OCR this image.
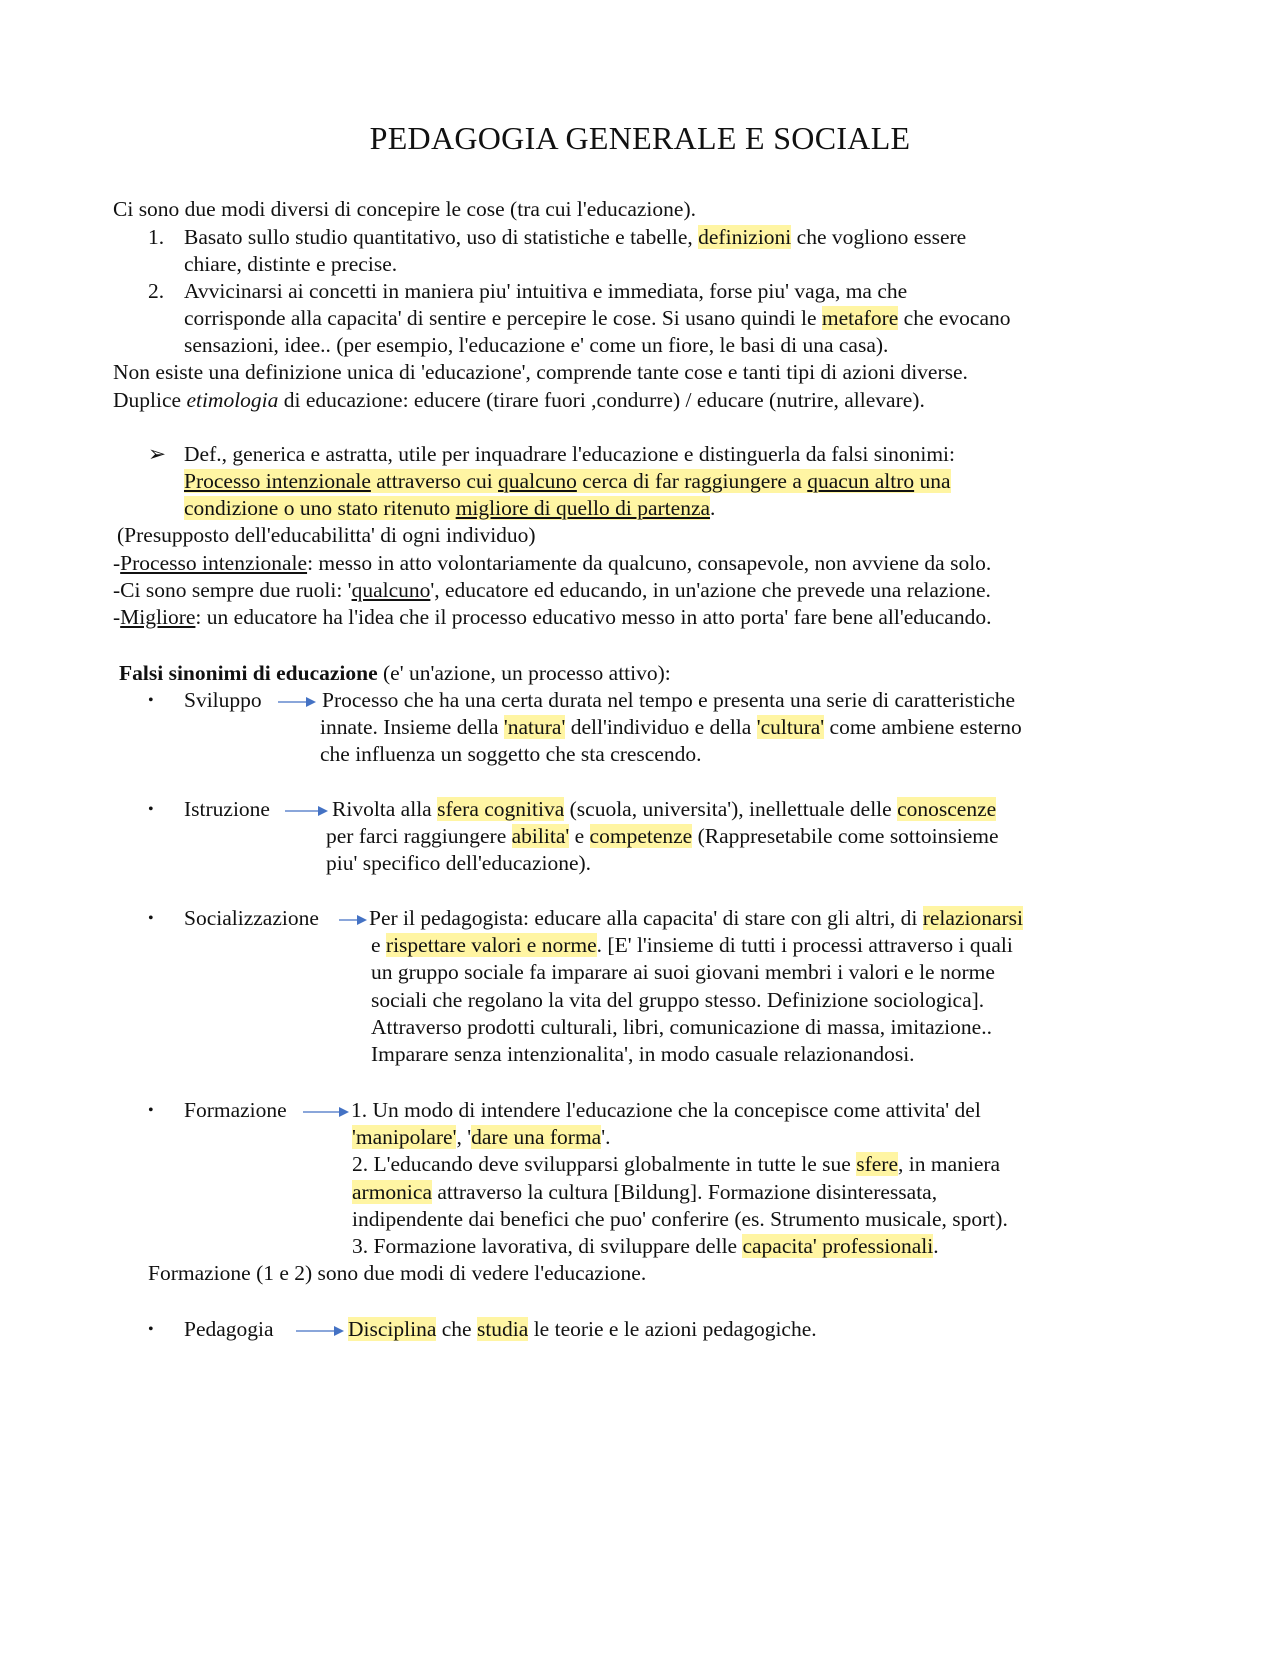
PEDAGOGIA GENERALE E SOCIALE
Ci sono due modi diversi di concepire le cose (tra cui l'educazione).
1. Basato sullo studio quantitativo, uso di statistiche e tabelle, definizioni che vogliono essere
chiare, distinte e precise.
2. Avvicinarsi ai concetti in maniera piu' intuitiva e immediata, forse piu' vaga, ma che
corrisponde alla capacita' di sentire e percepire le cose. Si usano quindi le metafore che evocano
sensazioni, idee.. (per esempio, l'educazione e' come un fiore, le basi di una casa).
Non esiste una definizione unica di 'educazione', comprende tante cose e tanti tipi di azioni diverse.
Duplice etimologia di educazione: educere (tirare fuori ,condurre) / educare (nutrire, allevare).
➢ Def., generica e astratta, utile per inquadrare l'educazione e distinguerla da falsi sinonimi:
Processo intenzionale attraverso cui qualcuno cerca di far raggiungere a quacun altro una
condizione o uno stato ritenuto migliore di quello di partenza.
(Presupposto dell'educabilitta' di ogni individuo)
-Processo intenzionale: messo in atto volontariamente da qualcuno, consapevole, non avviene da solo.
-Ci sono sempre due ruoli: 'qualcuno', educatore ed educando, in un'azione che prevede una relazione.
-Migliore: un educatore ha l'idea che il processo educativo messo in atto porta' fare bene all'educando.
Falsi sinonimi di educazione (e' un'azione, un processo attivo):
• Sviluppo	Processo che ha una certa durata nel tempo e presenta una serie di caratteristiche
innate. Insieme della 'natura' dell'individuo e della 'cultura' come ambiene esterno
che influenza un soggetto che sta crescendo.
• Istruzione	Rivolta alla sfera cognitiva (scuola, universita'), inellettuale delle conoscenze
per farci raggiungere abilita' e competenze (Rappresetabile come sottoinsieme
piu' specifico dell'educazione).
• Socializzazione Per il pedagogista: educare alla capacita' di stare con gli altri, di relazionarsi
e rispettare valori e norme. [E' l'insieme di tutti i processi attraverso i quali
un gruppo sociale fa imparare ai suoi giovani membri i valori e le norme
sociali che regolano la vita del gruppo stesso. Definizione sociologica].
Attraverso prodotti culturali, libri, comunicazione di massa, imitazione..
Imparare senza intenzionalita', in modo casuale relazionandosi.
• Formazione	1. Un modo di intendere l'educazione che la concepisce come attivita' del
'manipolare', 'dare una forma'.
2. L'educando deve svilupparsi globalmente in tutte le sue sfere, in maniera
armonica attraverso la cultura [Bildung]. Formazione disinteressata,
indipendente dai benefici che puo' conferire (es. Strumento musicale, sport).
3. Formazione lavorativa, di sviluppare delle capacita' professionali.
Formazione (1 e 2) sono due modi di vedere l'educazione.
• Pedagogia	Disciplina che studia le teorie e le azioni pedagogiche.
